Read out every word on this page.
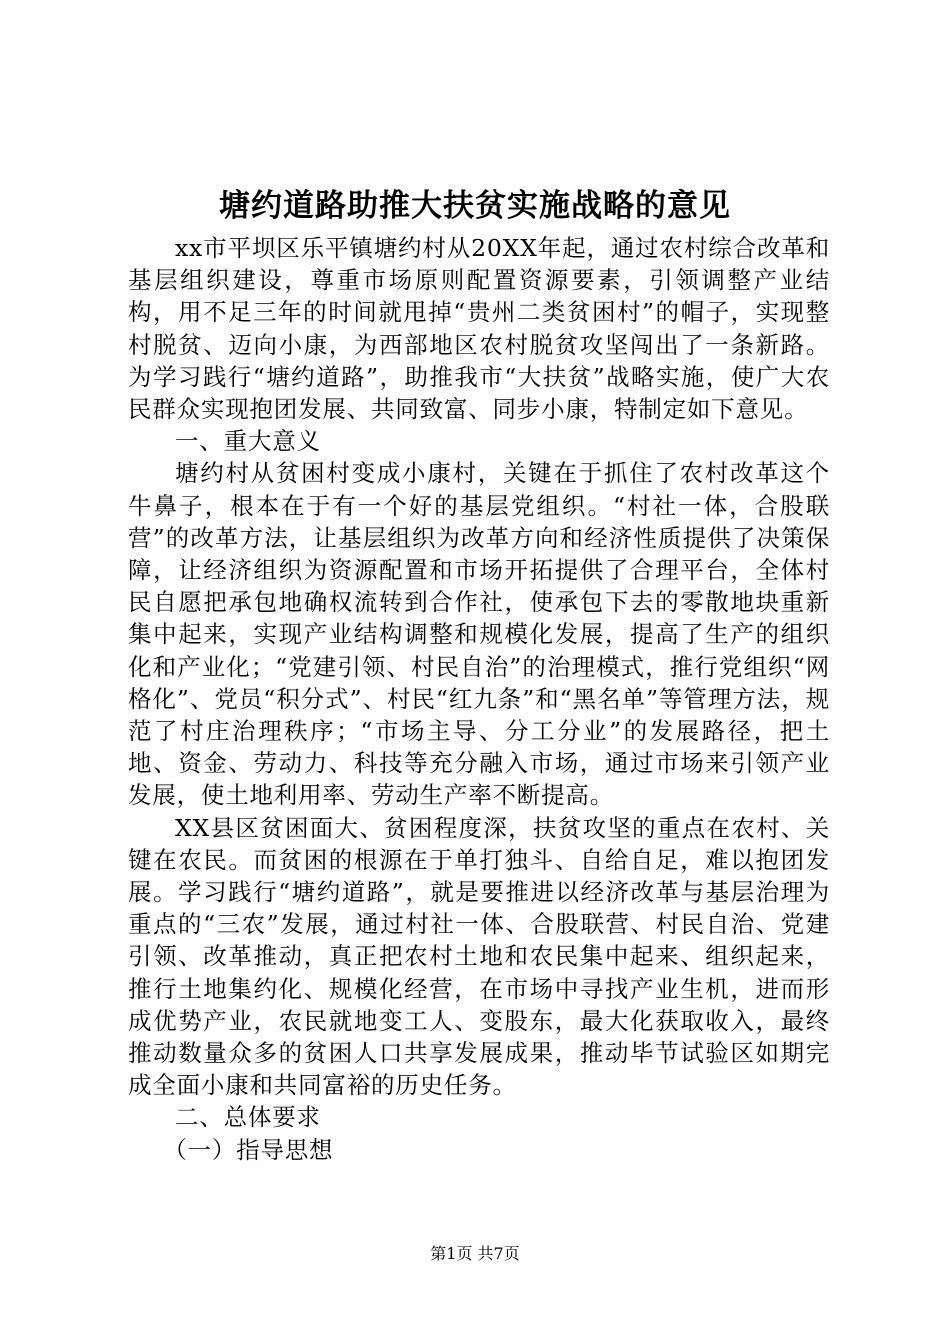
塘约道路助推大扶贫实施战略的意见

xx市平坝区乐平镇塘约村从20XX年起，通过农村综合改革和基层组织建设，尊重市场原则配置资源要素，引领调整产业结构，用不足三年的时间就甩掉“贵州二类贫困村”的帽子，实现整村脱贫、迈向小康，为西部地区农村脱贫攻坚闯出了一条新路。为学习践行“塘约道路”，助推我市“大扶贫”战略实施，使广大农民群众实现抱团发展、共同致富、同步小康，特制定如下意见。

一、重大意义

塘约村从贫困村变成小康村，关键在于抓住了农村改革这个牛鼻子，根本在于有一个好的基层党组织。“村社一体，合股联营”的改革方法，让基层组织为改革方向和经济性质提供了决策保障，让经济组织为资源配置和市场开拓提供了合理平台，全体村民自愿把承包地确权流转到合作社，使承包下去的零散地块重新集中起来，实现产业结构调整和规模化发展，提高了生产的组织化和产业化；“党建引领、村民自治”的治理模式，推行党组织“网格化”、党员“积分式”、村民“红九条”和“黑名单”等管理方法，规范了村庄治理秩序；“市场主导、分工分业”的发展路径，把土地、资金、劳动力、科技等充分融入市场，通过市场来引领产业发展，使土地利用率、劳动生产率不断提高。

XX县区贫困面大、贫困程度深，扶贫攻坚的重点在农村、关键在农民。而贫困的根源在于单打独斗、自给自足，难以抱团发展。学习践行“塘约道路”，就是要推进以经济改革与基层治理为重点的“三农”发展，通过村社一体、合股联营、村民自治、党建引领、改革推动，真正把农村土地和农民集中起来、组织起来，推行土地集约化、规模化经营，在市场中寻找产业生机，进而形成优势产业，农民就地变工人、变股东，最大化获取收入，最终推动数量众多的贫困人口共享发展成果，推动毕节试验区如期完成全面小康和共同富裕的历史任务。

二、总体要求

（一）指导思想

第1页 共7页
